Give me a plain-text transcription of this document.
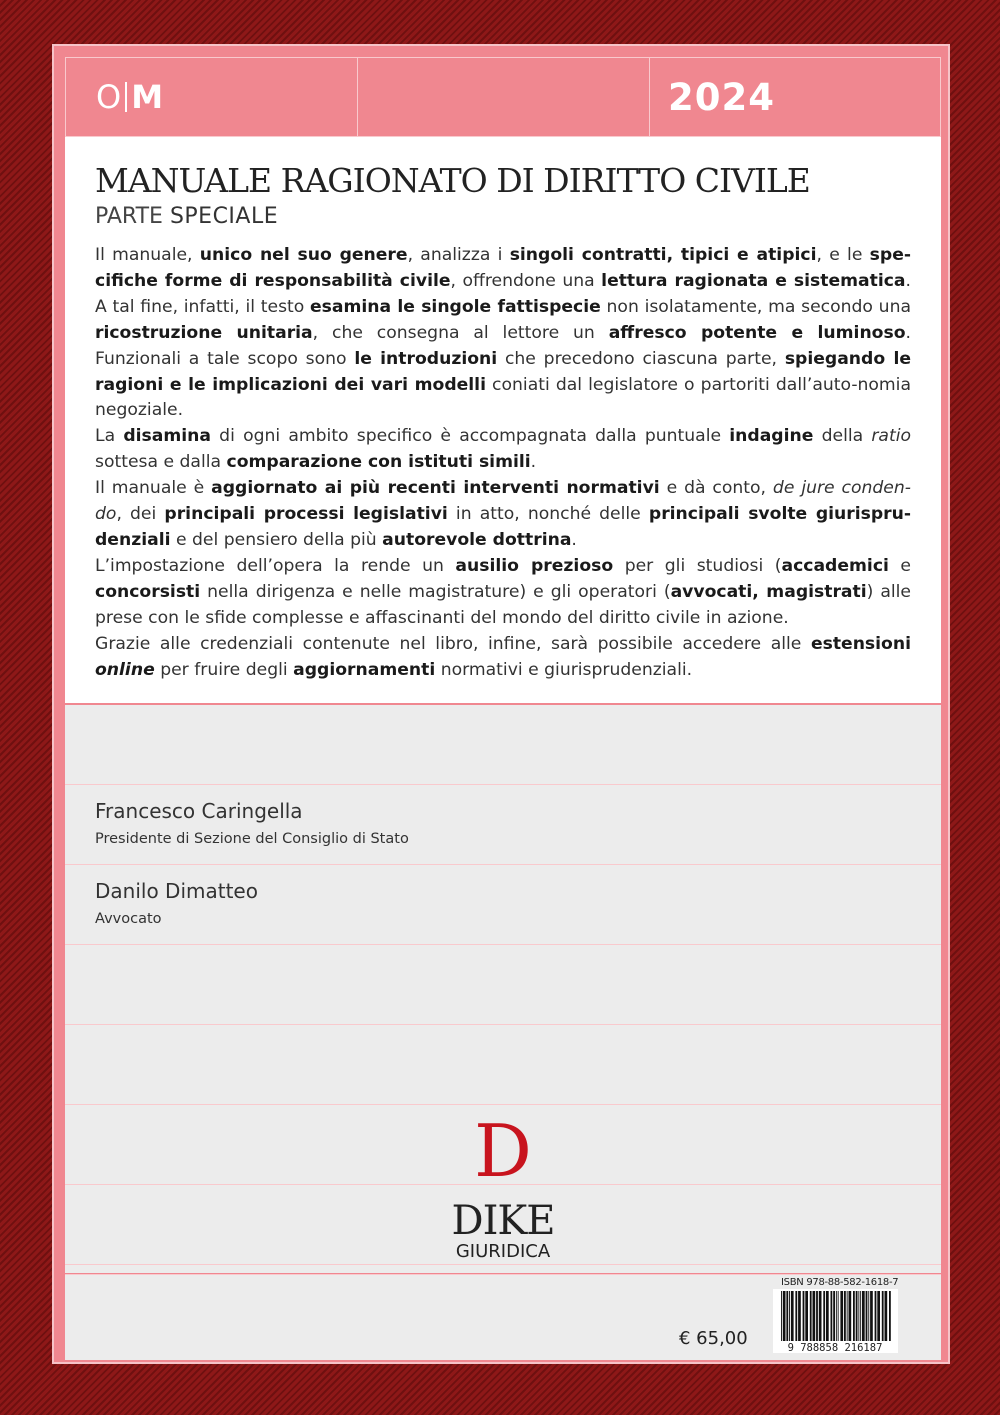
O M	2024
MANUALE RAGIONATO DI DIRITTO CIVILE
PARTE SPECIALE

Il manuale, unico nel suo genere, analizza i singoli contratti, tipici e atipici, e le spe-cifiche forme di responsabilità civile, offrendone una lettura ragionata e sistematica. A tal fine, infatti, il testo esamina le singole fattispecie non isolatamente, ma secondo una ricostruzione unitaria, che consegna al lettore un affresco potente e luminoso. Funzionali a tale scopo sono le introduzioni che precedono ciascuna parte, spiegando le ragioni e le implicazioni dei vari modelli coniati dal legislatore o partoriti dall’auto-nomia negoziale.

La disamina di ogni ambito specifico è accompagnata dalla puntuale indagine della ratio sottesa e dalla comparazione con istituti simili.

Il manuale è aggiornato ai più recenti interventi normativi e dà conto, de jure conden-do, dei principali processi legislativi in atto, nonché delle principali svolte giurispru-denziali e del pensiero della più autorevole dottrina.

L’impostazione dell’opera la rende un ausilio prezioso per gli studiosi (accademici e concorsisti nella dirigenza e nelle magistrature) e gli operatori (avvocati, magistrati) alle prese con le sfide complesse e affascinanti del mondo del diritto civile in azione.

Grazie alle credenziali contenute nel libro, infine, sarà possibile accedere alle estensioni online per fruire degli aggiornamenti normativi e giurisprudenziali.

Francesco Caringella
Presidente di Sezione del Consiglio di Stato
Danilo Dimatteo
Avvocato
D
DIKE
GIURIDICA
€ 65,00
ISBN 978-88-582-1618-7
9 788858 216187
